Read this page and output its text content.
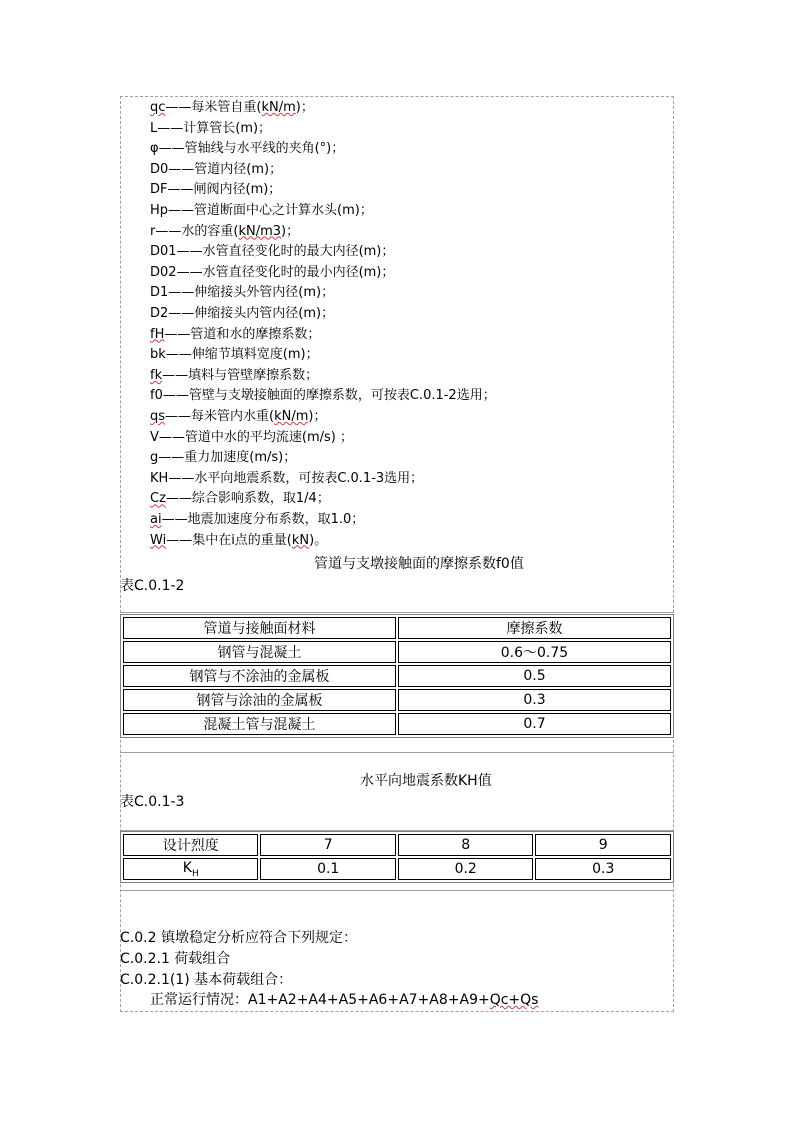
qc——每米管自重(kN/m)；
L——计算管长(m)；
φ——管轴线与水平线的夹角(°)；
D0——管道内径(m)；
DF——闸阀内径(m)；
Hp——管道断面中心之计算水头(m)；
r——水的容重(kN/m3)；
D01——水管直径变化时的最大内径(m)；
D02——水管直径变化时的最小内径(m)；
D1——伸缩接头外管内径(m)；
D2——伸缩接头内管内径(m)；
fH——管道和水的摩擦系数；
bk——伸缩节填料宽度(m)；
fk——填料与管壁摩擦系数；
f0——管壁与支墩接触面的摩擦系数，可按表C.0.1-2选用；
qs——每米管内水重(kN/m)；
V——管道中水的平均流速(m/s) ；
g——重力加速度(m/s)；
KH——水平向地震系数，可按表C.0.1-3选用；
Cz——综合影响系数，取1/4；
ai——地震加速度分布系数，取1.0；
Wi——集中在i点的重量(kN)。
管道与支墩接触面的摩擦系数f0值
表C.0.1-2
管道与接触面材料	摩擦系数
钢管与混凝土	0.6～0.75
钢管与不涂油的金属板	0.5
钢管与涂油的金属板	0.3
混凝土管与混凝土	0.7
水平向地震系数KH值
表C.0.1-3
设计烈度	7	8	9
$K_H$	0.1	0.2	0.3
C.0.2 镇墩稳定分析应符合下列规定：
C.0.2.1 荷载组合
C.0.2.1(1) 基本荷载组合：
正常运行情况：A1+A2+A4+A5+A6+A7+A8+A9+Qc+Qs
